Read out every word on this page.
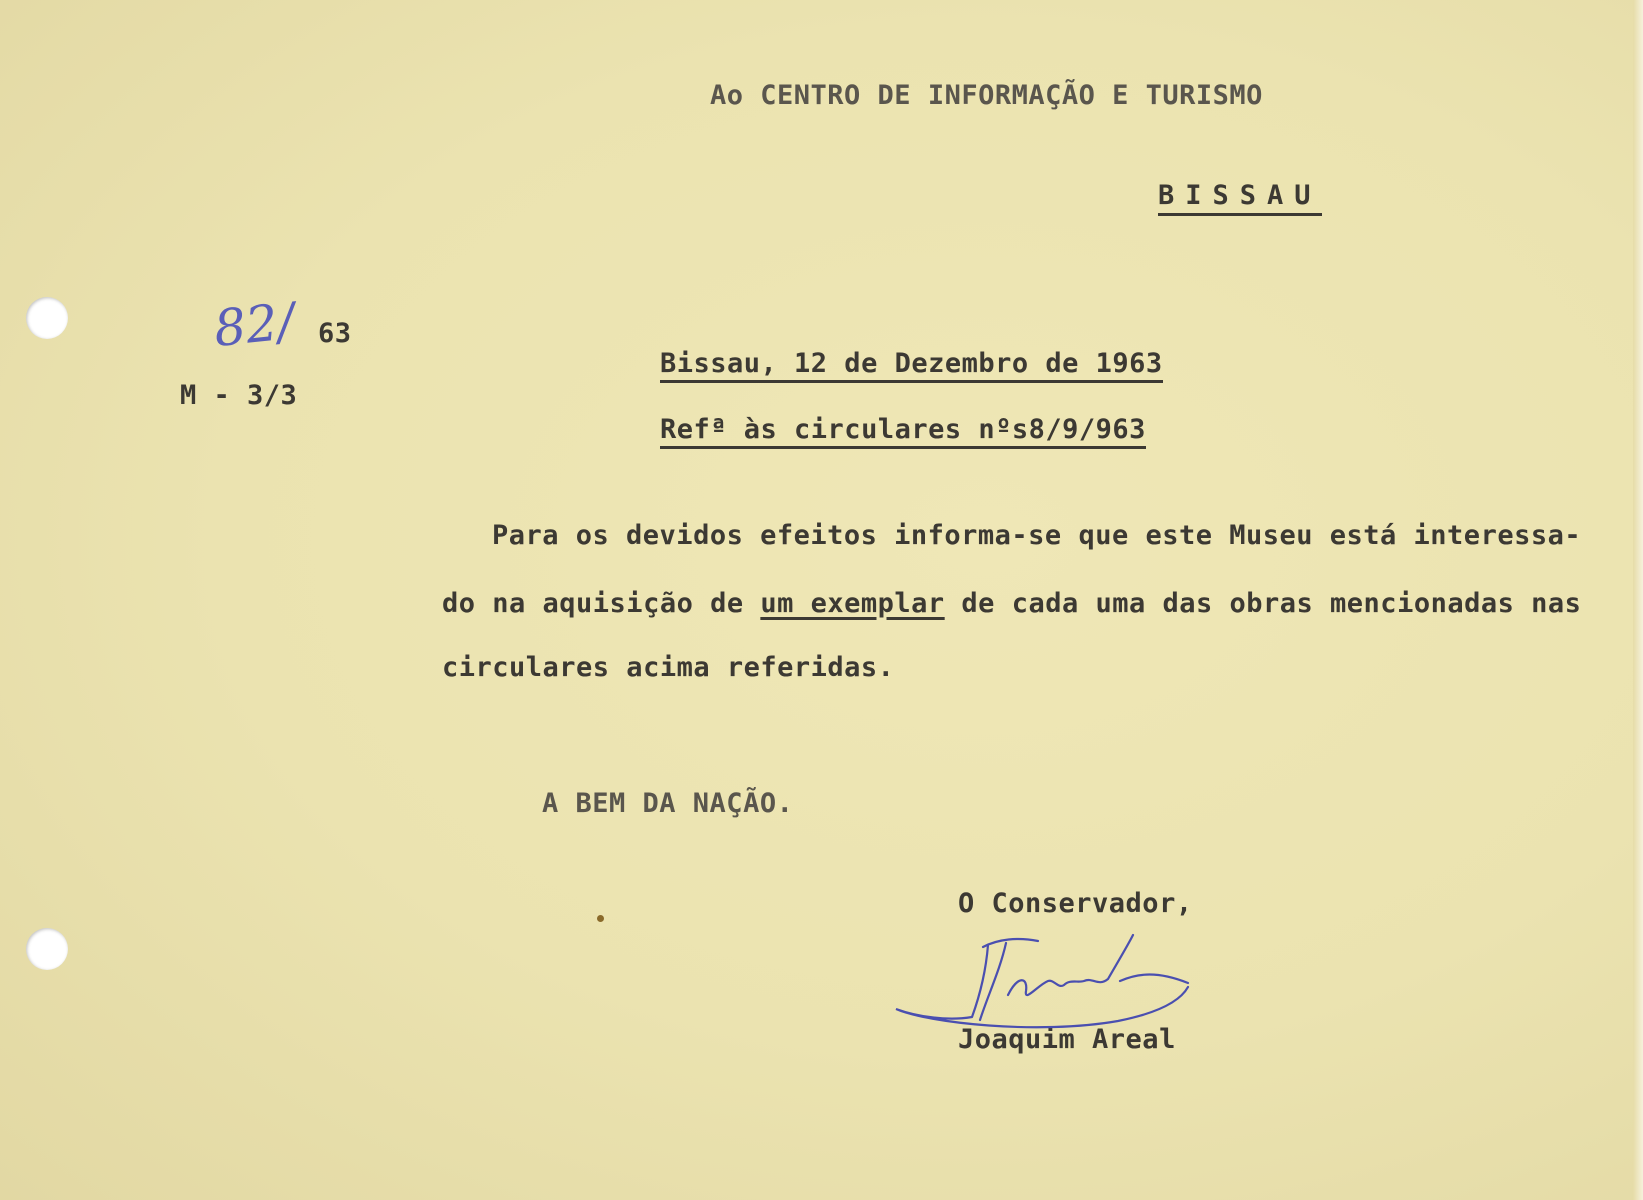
Ao CENTRO DE INFORMAÇÃO E TURISMO
BISSAU
82/ 63
M - 3/3
Bissau, 12 de Dezembro de 1963
Refª às circulares nºs8/9/963
Para os devidos efeitos informa-se que este Museu está interessa-
do na aquisição de um exemplar de cada uma das obras mencionadas nas
circulares acima referidas.
A BEM DA NAÇÃO.
O Conservador,
Joaquim Areal
